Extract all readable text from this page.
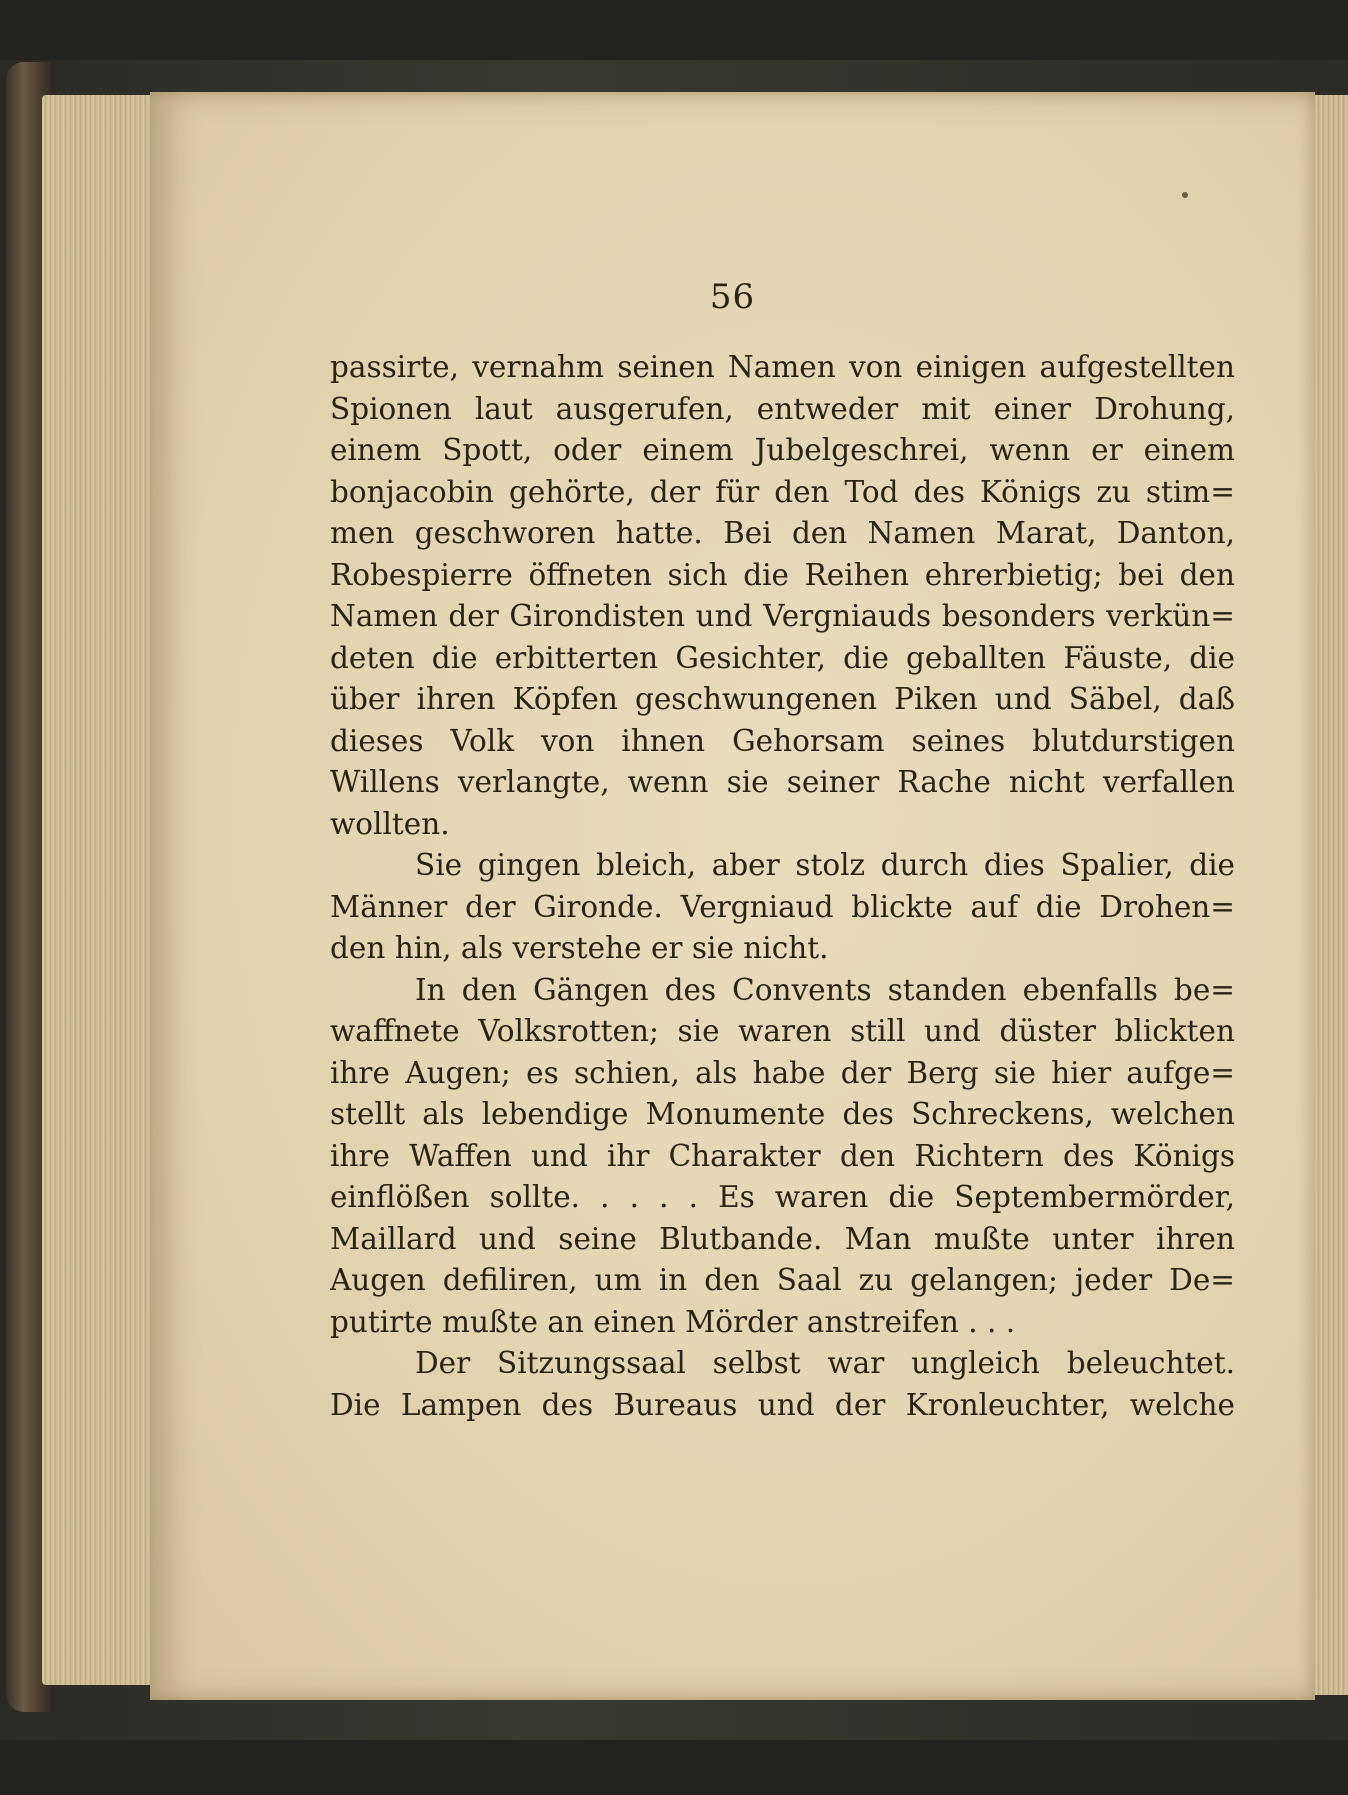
56
passirte, vernahm seinen Namen von einigen aufgestellten
Spionen laut ausgerufen, entweder mit einer Drohung,
einem Spott, oder einem Jubelgeschrei, wenn er einem
bonjacobin gehörte, der für den Tod des Königs zu stim=
men geschworen hatte. Bei den Namen Marat, Danton,
Robespierre öffneten sich die Reihen ehrerbietig; bei den
Namen der Girondisten und Vergniauds besonders verkün=
deten die erbitterten Gesichter, die geballten Fäuste, die
über ihren Köpfen geschwungenen Piken und Säbel, daß
dieses Volk von ihnen Gehorsam seines blutdurstigen
Willens verlangte, wenn sie seiner Rache nicht verfallen
wollten.
Sie gingen bleich, aber stolz durch dies Spalier, die
Männer der Gironde. Vergniaud blickte auf die Drohen=
den hin, als verstehe er sie nicht.
In den Gängen des Convents standen ebenfalls be=
waffnete Volksrotten; sie waren still und düster blickten
ihre Augen; es schien, als habe der Berg sie hier aufge=
stellt als lebendige Monumente des Schreckens, welchen
ihre Waffen und ihr Charakter den Richtern des Königs
einflößen sollte. . . . . Es waren die Septembermörder,
Maillard und seine Blutbande. Man mußte unter ihren
Augen defiliren, um in den Saal zu gelangen; jeder De=
putirte mußte an einen Mörder anstreifen . . .
Der Sitzungssaal selbst war ungleich beleuchtet.
Die Lampen des Bureaus und der Kronleuchter, welche
